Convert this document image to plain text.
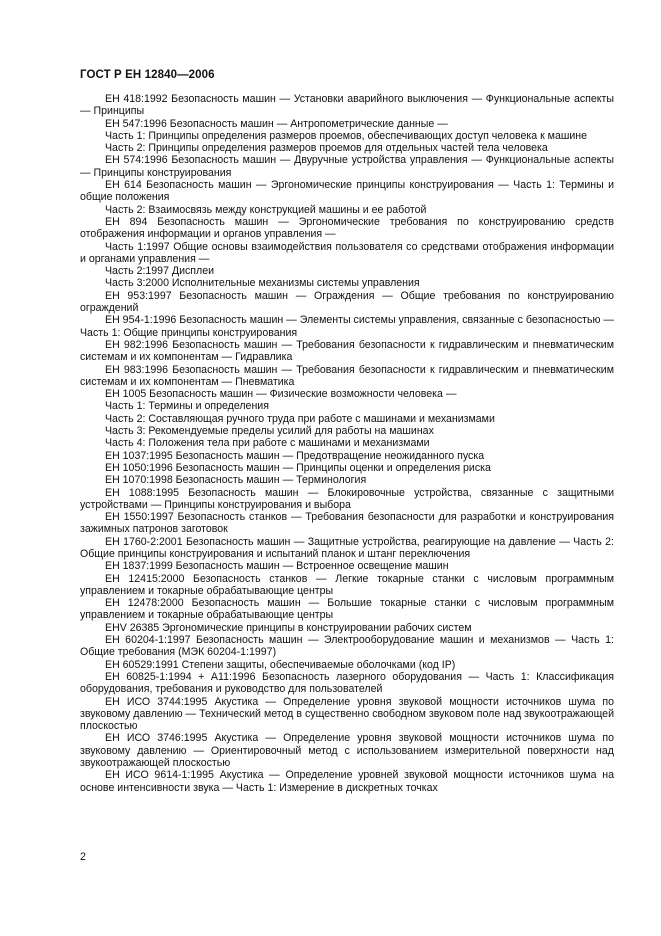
ГОСТ Р ЕН 12840—2006

ЕН 418:1992 Безопасность машин — Установки аварийного выключения — Функциональные аспекты — Принципы

ЕН 547:1996 Безопасность машин — Антропометрические данные —

Часть 1: Принципы определения размеров проемов, обеспечивающих доступ человека к машине

Часть 2: Принципы определения размеров проемов для отдельных частей тела человека

ЕН 574:1996 Безопасность машин — Двуручные устройства управления — Функциональные аспекты — Принципы конструирования

ЕН 614 Безопасность машин — Эргономические принципы конструирования — Часть 1: Термины и общие положения

Часть 2: Взаимосвязь между конструкцией машины и ее работой

ЕН 894 Безопасность машин — Эргономические требования по конструированию средств отображения информации и органов управления —

Часть 1:1997 Общие основы взаимодействия пользователя со средствами отображения информации и органами управления —

Часть 2:1997 Дисплеи

Часть 3:2000 Исполнительные механизмы системы управления

ЕН 953:1997 Безопасность машин — Ограждения — Общие требования по конструированию ограждений

ЕН 954-1:1996 Безопасность машин — Элементы системы управления, связанные с безопасностью — Часть 1: Общие принципы конструирования

ЕН 982:1996 Безопасность машин — Требования безопасности к гидравлическим и пневматическим системам и их компонентам — Гидравлика

ЕН 983:1996 Безопасность машин — Требования безопасности к гидравлическим и пневматическим системам и их компонентам — Пневматика

ЕН 1005 Безопасность машин — Физические возможности человека —

Часть 1: Термины и определения

Часть 2: Составляющая ручного труда при работе с машинами и механизмами

Часть 3: Рекомендуемые пределы усилий для работы на машинах

Часть 4: Положения тела при работе с машинами и механизмами

ЕН 1037:1995 Безопасность машин — Предотвращение неожиданного пуска

ЕН 1050:1996 Безопасность машин — Принципы оценки и определения риска

ЕН 1070:1998 Безопасность машин — Терминология

ЕН 1088:1995 Безопасность машин — Блокировочные устройства, связанные с защитными устройствами — Принципы конструирования и выбора

ЕН 1550:1997 Безопасность станков — Требования безопасности для разработки и конструирования зажимных патронов заготовок

ЕН 1760-2:2001 Безопасность машин — Защитные устройства, реагирующие на давление — Часть 2: Общие принципы конструирования и испытаний планок и штанг переключения

ЕН 1837:1999 Безопасность машин — Встроенное освещение машин

ЕН 12415:2000 Безопасность станков — Легкие токарные станки с числовым программным управлением и токарные обрабатывающие центры

ЕН 12478:2000 Безопасность машин — Большие токарные станки с числовым программным управлением и токарные обрабатывающие центры

ЕНV 26385 Эргономические принципы в конструировании рабочих систем

ЕН 60204-1:1997 Безопасность машин — Электрооборудование машин и механизмов — Часть 1: Общие требования (МЭК 60204-1:1997)

ЕН 60529:1991 Степени защиты, обеспечиваемые оболочками (код IP)

ЕН 60825-1:1994 + A11:1996 Безопасность лазерного оборудования — Часть 1: Классификация оборудования, требования и руководство для пользователей

ЕН ИСО 3744:1995 Акустика — Определение уровня звуковой мощности источников шума по звуковому давлению — Технический метод в существенно свободном звуковом поле над звукоотражающей плоскостью

ЕН ИСО 3746:1995 Акустика — Определение уровня звуковой мощности источников шума по звуковому давлению — Ориентировочный метод с использованием измерительной поверхности над звукоотражающей плоскостью

ЕН ИСО 9614-1:1995 Акустика — Определение уровней звуковой мощности источников шума на основе интенсивности звука — Часть 1: Измерение в дискретных точках

2
